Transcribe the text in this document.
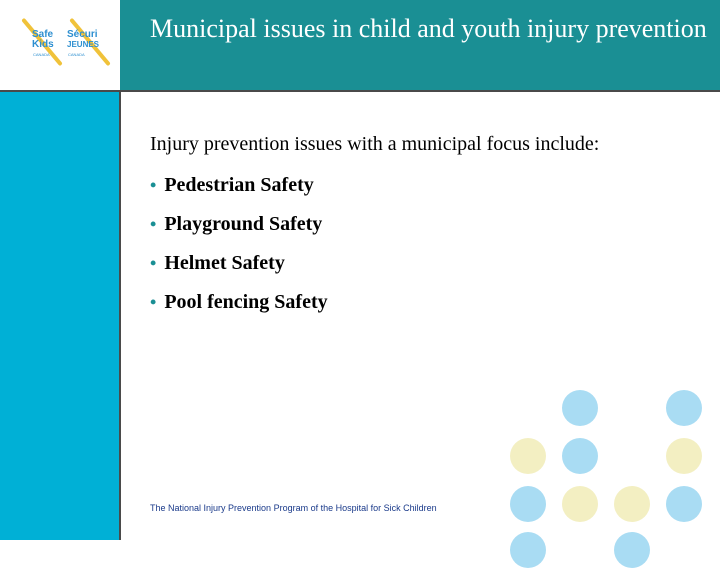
Safe
Kids
CANADA
Sécuri
JEUNES
CANADA
Municipal issues in child and youth injury prevention

Injury prevention issues with a municipal focus include:

• Pedestrian Safety
• Playground Safety
• Helmet Safety
• Pool fencing Safety
The National Injury Prevention Program of the Hospital for Sick Children
